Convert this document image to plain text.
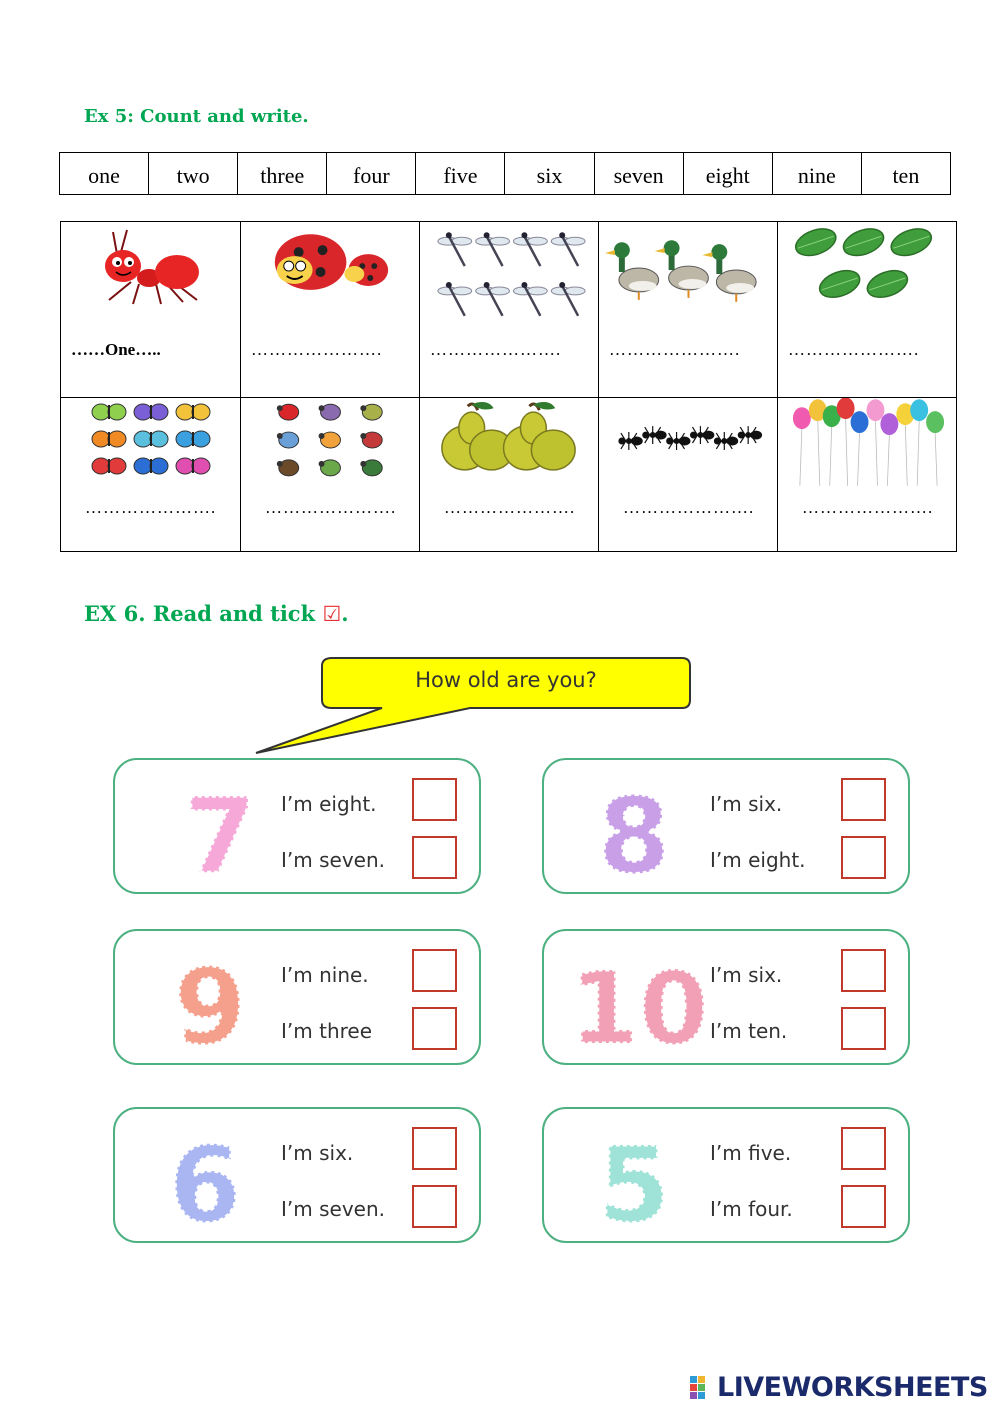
Ex 5: Count and write.
one	two	three	four	five	six	seven	eight	nine	ten
……One…..	………………….	………………….	………………….	………………….
………………….	………………….	………………….	………………….	………………….
EX 6. Read and tick ☑.
How old are you?
7 I’m eight.
I’m seven. 8 I’m six.
I’m eight.
9 I’m nine.
I’m three 10 I’m six.
I’m ten.
6 I’m six.
I’m seven. 5 I’m five.
I’m four.
LIVEWORKSHEETS
